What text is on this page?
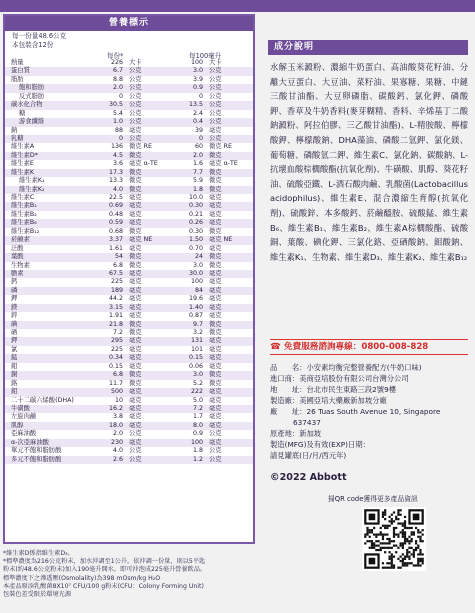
營養標示
每一份量48.6公克
本包裝含12份
每份*	每100毫升
熱量	226 大卡	100 大卡
蛋白質	6.7 公克	3.0 公克
脂肪	8.8 公克	3.9 公克
飽和脂肪	2.0 公克	0.9 公克
反式脂肪	0 公克	0 公克
碳水化合物	30.5 公克	13.5 公克
糖	5.4 公克	2.4 公克
游食纖維	1.0 公克	0.4 公克
鈉	88 毫克	39 毫克
乳糖	0 公克	0 公克
維生素A	136 微克 RE	60 微克 RE
維生素D*	4.5 微克	2.0 微克
維生素E	3.6 毫克 α-TE	1.6 毫克 α-TE
維生素K	17.3 微克	7.7 微克
維生素K₁	13.3 微克	5.9 微克
維生素K₂	4.0 微克	1.8 微克
維生素C	22.5 毫克	10.0 毫克
維生素B₁	0.69 毫克	0.30 毫克
維生素B₂	0.48 毫克	0.21 毫克
維生素B₆	0.59 毫克	0.26 毫克
維生素B₁₂	0.68 微克	0.30 微克
菸鹼素	3.37 毫克 NE	1.50 毫克 NE
泛酸	1.61 毫克	0.70 毫克
葉酸	54 微克	24 微克
生物素	6.8 微克	3.0 微克
膽素	67.5 毫克	30.0 毫克
鈣	225 毫克	100 毫克
磷	189 毫克	84 毫克
鉀	44.2 毫克	19.6 毫克
鎂	3.15 毫克	1.40 毫克
鋅	1.91 毫克	0.87 毫克
碘	21.8 微克	9.7 微克
硒	7.2 微克	3.2 微克
鉀	295 毫克	131 毫克
氯	225 毫克	101 毫克
錳	0.34 毫克	0.15 毫克
鉬	0.15 毫克	0.06 毫克
銅	6.8 微克	3.0 微克
鉻	11.7 微克	5.2 微克
鉬	500 毫克	222 毫克
二十二碳六烯酸(DHA)	10 毫克	5.0 毫克
牛磺酸	16.2 毫克	7.2 毫克
左旋肉鹼	3.8 毫克	1.7 毫克
肌醇	18.0 毫克	8.0 毫克
亞麻油酸	2.0 公克	0.9 公克
α-次亞麻油酸	230 毫克	100 毫克
單元不飽和脂肪酸	4.0 公克	1.8 公克
多元不飽和脂肪酸	2.6 公克	1.2 公克
*維生素D係指維生素D₃。
*標準濃度為216公克粉末，加水沖調至1公升。依沖調一份量，則以5平匙
粉末(約48.6公克粉末)加入190毫升開水，即可沖泡成225毫升營養飲品。
標準濃度下之滲透壓(Osmolality)為398 mOsm/kg H₂O
本產品原添乳酸菌8X10⁷ CFU/100 g粉末(CFU：Colony Forming Unit)
包裝色差受限於環境光源
成分說明
水解玉米澱粉、濃縮牛奶蛋白、高油酸葵花籽油、分離大豆蛋白、大豆油、菜籽油、果寡糖、果糖、中鏈三酸甘油酯、大豆卵磷脂、碳酸鈣、氯化鉀、磷酸鉀、香草及牛奶香料(麥芽糊精、香料、辛烯基丁二酸鈉澱粉、阿拉伯膠、三乙酸甘油酯)、L-精胺酸、檸檬酸鉀、檸檬酸鈉、DHA藻油、磷酸二氫鉀、氯化鎂、葡萄糖、磷酸氫二鉀、維生素C、氯化鈉、碳酸鈉、L-抗壞血酸棕櫚酸酯(抗氧化劑)、牛磺酸、肌醇、葵花籽油、硫酸亞鐵、L-酒石酸肉鹼、乳酸菌(Lactobacillus acidophilus)、維生素E、混合濃縮生育醇(抗氧化劑)、硫酸鋅、本多酸鈣、菸鹼醯胺、硫酸錳、維生素B₆、維生素B₁、維生素B₂、維生素A棕櫚酸酯、硫酸銅、葉酸、碘化鉀、三氯化鉻、亞硒酸鈉、鉬酸鈉、維生素K₁、生物素、維生素D₃、維生素K₂、維生素B₁₂
☎ 免費服務諮詢專線：0800-008-828
品　　名：小安素均衡完整營養配方(牛奶口味)
進口商：美商亞培股份有限公司台灣分公司
地　　址：台北市民生東路三段2號9樓
製造廠：美國亞培大藥廠新加坡分廠
廠　　址：26 Tuas South Avenue 10, Singapore
637437
原產地：新加坡
製造(MFG)及有效(EXP)日期：
請見罐底(日/月/西元年)
©2022 Abbott
掃QR code獲得更多產品資訊
